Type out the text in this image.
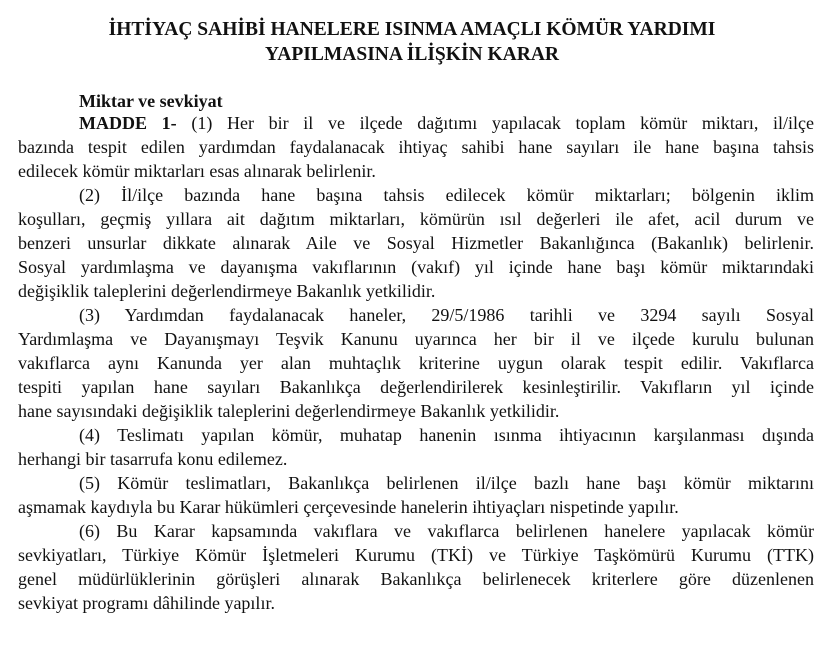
İHTİYAÇ SAHİBİ HANELERE ISINMA AMAÇLI KÖMÜR YARDIMI
YAPILMASINA İLİŞKİN KARAR
Miktar ve sevkiyat

MADDE 1- (1) Her bir il ve ilçede dağıtımı yapılacak toplam kömür miktarı, il/ilçe

bazında tespit edilen yardımdan faydalanacak ihtiyaç sahibi hane sayıları ile hane başına tahsis

edilecek kömür miktarları esas alınarak belirlenir.

(2) İl/ilçe bazında hane başına tahsis edilecek kömür miktarları; bölgenin iklim

koşulları, geçmiş yıllara ait dağıtım miktarları, kömürün ısıl değerleri ile afet, acil durum ve

benzeri unsurlar dikkate alınarak Aile ve Sosyal Hizmetler Bakanlığınca (Bakanlık) belirlenir.

Sosyal yardımlaşma ve dayanışma vakıflarının (vakıf) yıl içinde hane başı kömür miktarındaki

değişiklik taleplerini değerlendirmeye Bakanlık yetkilidir.

(3) Yardımdan faydalanacak haneler, 29/5/1986 tarihli ve 3294 sayılı Sosyal

Yardımlaşma ve Dayanışmayı Teşvik Kanunu uyarınca her bir il ve ilçede kurulu bulunan

vakıflarca aynı Kanunda yer alan muhtaçlık kriterine uygun olarak tespit edilir. Vakıflarca

tespiti yapılan hane sayıları Bakanlıkça değerlendirilerek kesinleştirilir. Vakıfların yıl içinde

hane sayısındaki değişiklik taleplerini değerlendirmeye Bakanlık yetkilidir.

(4) Teslimatı yapılan kömür, muhatap hanenin ısınma ihtiyacının karşılanması dışında

herhangi bir tasarrufa konu edilemez.

(5) Kömür teslimatları, Bakanlıkça belirlenen il/ilçe bazlı hane başı kömür miktarını

aşmamak kaydıyla bu Karar hükümleri çerçevesinde hanelerin ihtiyaçları nispetinde yapılır.

(6) Bu Karar kapsamında vakıflara ve vakıflarca belirlenen hanelere yapılacak kömür

sevkiyatları, Türkiye Kömür İşletmeleri Kurumu (TKİ) ve Türkiye Taşkömürü Kurumu (TTK)

genel müdürlüklerinin görüşleri alınarak Bakanlıkça belirlenecek kriterlere göre düzenlenen

sevkiyat programı dâhilinde yapılır.
